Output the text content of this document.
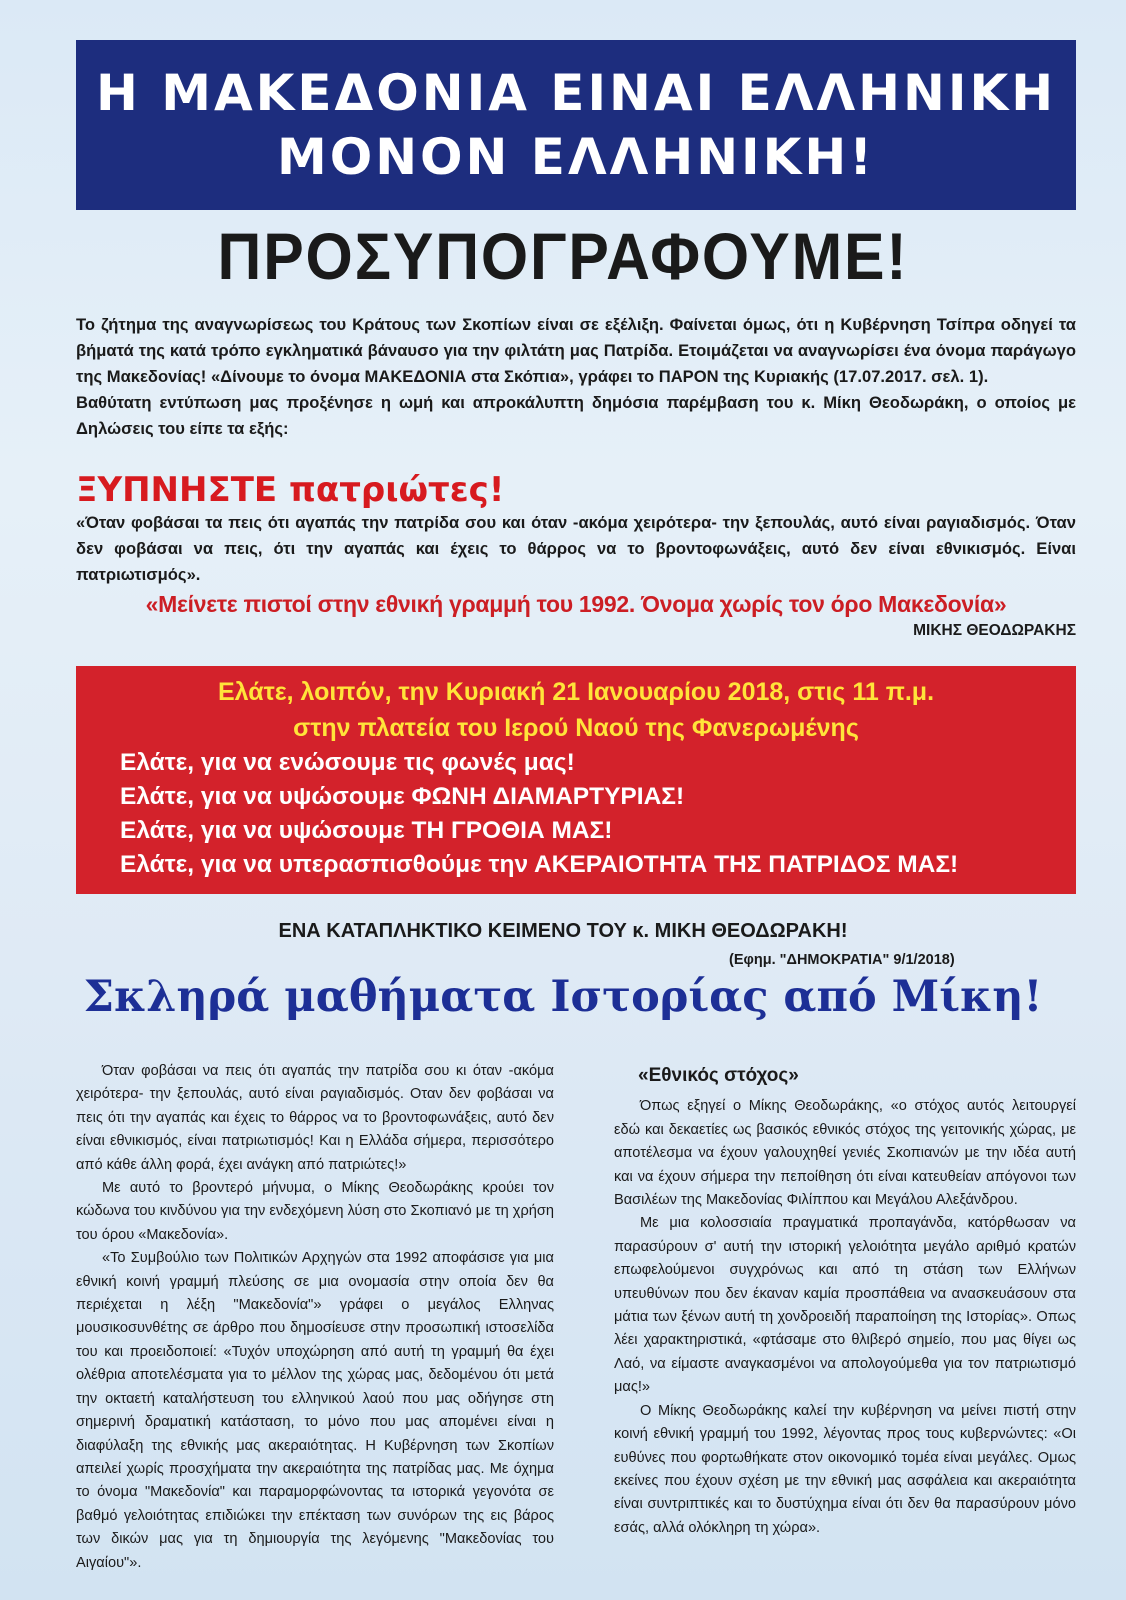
Η ΜΑΚΕΔΟΝΙΑ ΕΙΝΑΙ ΕΛΛΗΝΙΚΗ
ΜΟΝΟΝ ΕΛΛΗΝΙΚΗ!
ΠΡΟΣΥΠΟΓΡΑΦΟΥΜΕ!
Το ζήτημα της αναγνωρίσεως του Κράτους των Σκοπίων είναι σε εξέλιξη. Φαίνεται όμως, ότι η Κυβέρνηση Τσίπρα οδηγεί τα βήματά της κατά τρόπο εγκληματικά βάναυσο για την φιλτάτη μας Πατρίδα. Ετοιμάζεται να αναγνωρίσει ένα όνομα παράγωγο της Μακεδονίας! «Δίνουμε το όνομα ΜΑΚΕΔΟΝΙΑ στα Σκόπια», γράφει το ΠΑΡΟΝ της Κυριακής (17.07.2017. σελ. 1).
Βαθύτατη εντύπωση μας προξένησε η ωμή και απροκάλυπτη δημόσια παρέμβαση του κ. Μίκη Θεοδωράκη, ο οποίος με Δηλώσεις του είπε τα εξής:
ΞΥΠΝΗΣΤΕ πατριώτες!
«Όταν φοβάσαι τα πεις ότι αγαπάς την πατρίδα σου και όταν -ακόμα χειρότερα- την ξεπουλάς, αυτό είναι ραγιαδισμός. Όταν δεν φοβάσαι να πεις, ότι την αγαπάς και έχεις το θάρρος να το βροντοφωνάξεις, αυτό δεν είναι εθνικισμός. Είναι πατριωτισμός».
«Μείνετε πιστοί στην εθνική γραμμή του 1992. Όνομα χωρίς τον όρο Μακεδονία»
ΜΙΚΗΣ ΘΕΟΔΩΡΑΚΗΣ
Ελάτε, λοιπόν, την Κυριακή 21 Ιανουαρίου 2018, στις 11 π.μ.
στην πλατεία του Ιερού Ναού της Φανερωμένης
Ελάτε, για να ενώσουμε τις φωνές μας!
Ελάτε, για να υψώσουμε ΦΩΝΗ ΔΙΑΜΑΡΤΥΡΙΑΣ!
Ελάτε, για να υψώσουμε ΤΗ ΓΡΟΘΙΑ ΜΑΣ!
Ελάτε, για να υπερασπισθούμε την ΑΚΕΡΑΙΟΤΗΤΑ ΤΗΣ ΠΑΤΡΙΔΟΣ ΜΑΣ!
ΕΝΑ ΚΑΤΑΠΛΗΚΤΙΚΟ ΚΕΙΜΕΝΟ ΤΟΥ κ. ΜΙΚΗ ΘΕΟΔΩΡΑΚΗ!
(Εφημ. "ΔΗΜΟΚΡΑΤΙΑ" 9/1/2018)
Σκληρά μαθήματα Ιστορίας από Μίκη!

Όταν φοβάσαι να πεις ότι αγαπάς την πατρίδα σου κι όταν -ακόμα χειρότερα- την ξεπουλάς, αυτό είναι ραγιαδισμός. Οταν δεν φοβάσαι να πεις ότι την αγαπάς και έχεις το θάρρος να το βροντοφωνάξεις, αυτό δεν είναι εθνικισμός, είναι πατριωτισμός! Και η Ελλάδα σήμερα, περισσότερο από κάθε άλλη φορά, έχει ανάγκη από πατριώτες!»

Με αυτό το βροντερό μήνυμα, ο Μίκης Θεοδωράκης κρούει τον κώδωνα του κινδύνου για την ενδεχόμενη λύση στο Σκοπιανό με τη χρήση του όρου «Μακεδονία».

«Το Συμβούλιο των Πολιτικών Αρχηγών στα 1992 αποφάσισε για μια εθνική κοινή γραμμή πλεύσης σε μια ονομασία στην οποία δεν θα περιέχεται η λέξη "Μακεδονία"» γράφει ο μεγάλος Ελληνας μουσικοσυνθέτης σε άρθρο που δημοσίευσε στην προσωπική ιστοσελίδα του και προειδοποιεί: «Τυχόν υποχώρηση από αυτή τη γραμμή θα έχει ολέθρια αποτελέσματα για το μέλλον της χώρας μας, δεδομένου ότι μετά την οκταετή καταλήστευση του ελληνικού λαού που μας οδήγησε στη σημερινή δραματική κατάσταση, το μόνο που μας απομένει είναι η διαφύλαξη της εθνικής μας ακεραιότητας. Η Κυβέρνηση των Σκοπίων απειλεί χωρίς προσχήματα την ακεραιότητα της πατρίδας μας. Με όχημα το όνομα "Μακεδονία" και παραμορφώνοντας τα ιστορικά γεγονότα σε βαθμό γελοιότητας επιδιώκει την επέκταση των συνόρων της εις βάρος των δικών μας για τη δημιουργία της λεγόμενης "Μακεδονίας του Αιγαίου"».

«Εθνικός στόχος»

Όπως εξηγεί ο Μίκης Θεοδωράκης, «ο στόχος αυτός λειτουργεί εδώ και δεκαετίες ως βασικός εθνικός στόχος της γειτονικής χώρας, με αποτέλεσμα να έχουν γαλουχηθεί γενιές Σκοπιανών με την ιδέα αυτή και να έχουν σήμερα την πεποίθηση ότι είναι κατευθείαν απόγονοι των Βασιλέων της Μακεδονίας Φιλίππου και Μεγάλου Αλεξάνδρου.

Με μια κολοσσιαία πραγματικά προπαγάνδα, κατόρθωσαν να παρασύρουν σ' αυτή την ιστορική γελοιότητα μεγάλο αριθμό κρατών επωφελούμενοι συγχρόνως και από τη στάση των Ελλήνων υπευθύνων που δεν έκαναν καμία προσπάθεια να ανασκευάσουν στα μάτια των ξένων αυτή τη χονδροειδή παραποίηση της Ιστορίας». Οπως λέει χαρακτηριστικά, «φτάσαμε στο θλιβερό σημείο, που μας θίγει ως Λαό, να είμαστε αναγκασμένοι να απολογούμεθα για τον πατριωτισμό μας!»

Ο Μίκης Θεοδωράκης καλεί την κυβέρνηση να μείνει πιστή στην κοινή εθνική γραμμή του 1992, λέγοντας προς τους κυβερνώντες: «Οι ευθύνες που φορτωθήκατε στον οικονομικό τομέα είναι μεγάλες. Ομως εκείνες που έχουν σχέση με την εθνική μας ασφάλεια και ακεραιότητα είναι συντριπτικές και το δυστύχημα είναι ότι δεν θα παρασύρουν μόνο εσάς, αλλά ολόκληρη τη χώρα».
